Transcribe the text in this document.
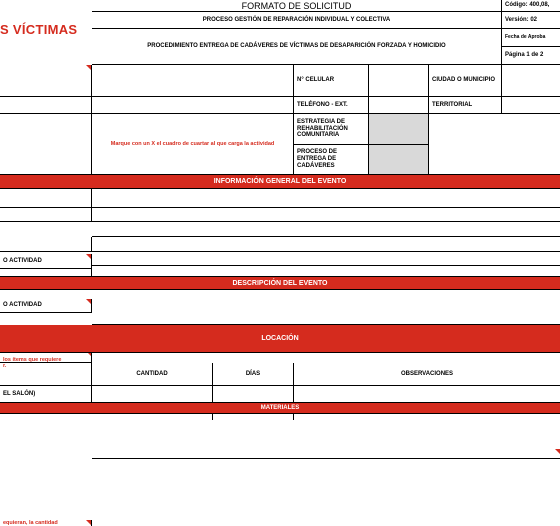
S VÍCTIMAS
FORMATO DE SOLICITUD
PROCESO GESTIÓN DE REPARACIÓN INDIVIDUAL Y COLECTIVA
PROCEDIMIENTO ENTREGA DE CADÁVERES DE VÍCTIMAS DE DESAPARICIÓN FORZADA Y HOMICIDIO
Código: 400,08,
Versión: 02
Fecha de Aproba
Página 1 de 2
N° CELULAR	CIUDAD O MUNICIPIO
TELÉFONO - EXT.	TERRITORIAL
Marque con un X el cuadro de cuartar al que carga la actividad
ESTRATEGIA DE REHABILITACIÓN COMUNITARIA
PROCESO DE ENTREGA DE CADÁVERES
INFORMACIÓN GENERAL DEL EVENTO
O ACTIVIDAD
O ACTIVIDAD
DESCRIPCIÓN DEL EVENTO
los ítems que requiere
r.
LOCACIÓN
CANTIDAD	DÍAS	OBSERVACIONES
EL SALÓN)
MATERIALES
equieran, la cantidad
